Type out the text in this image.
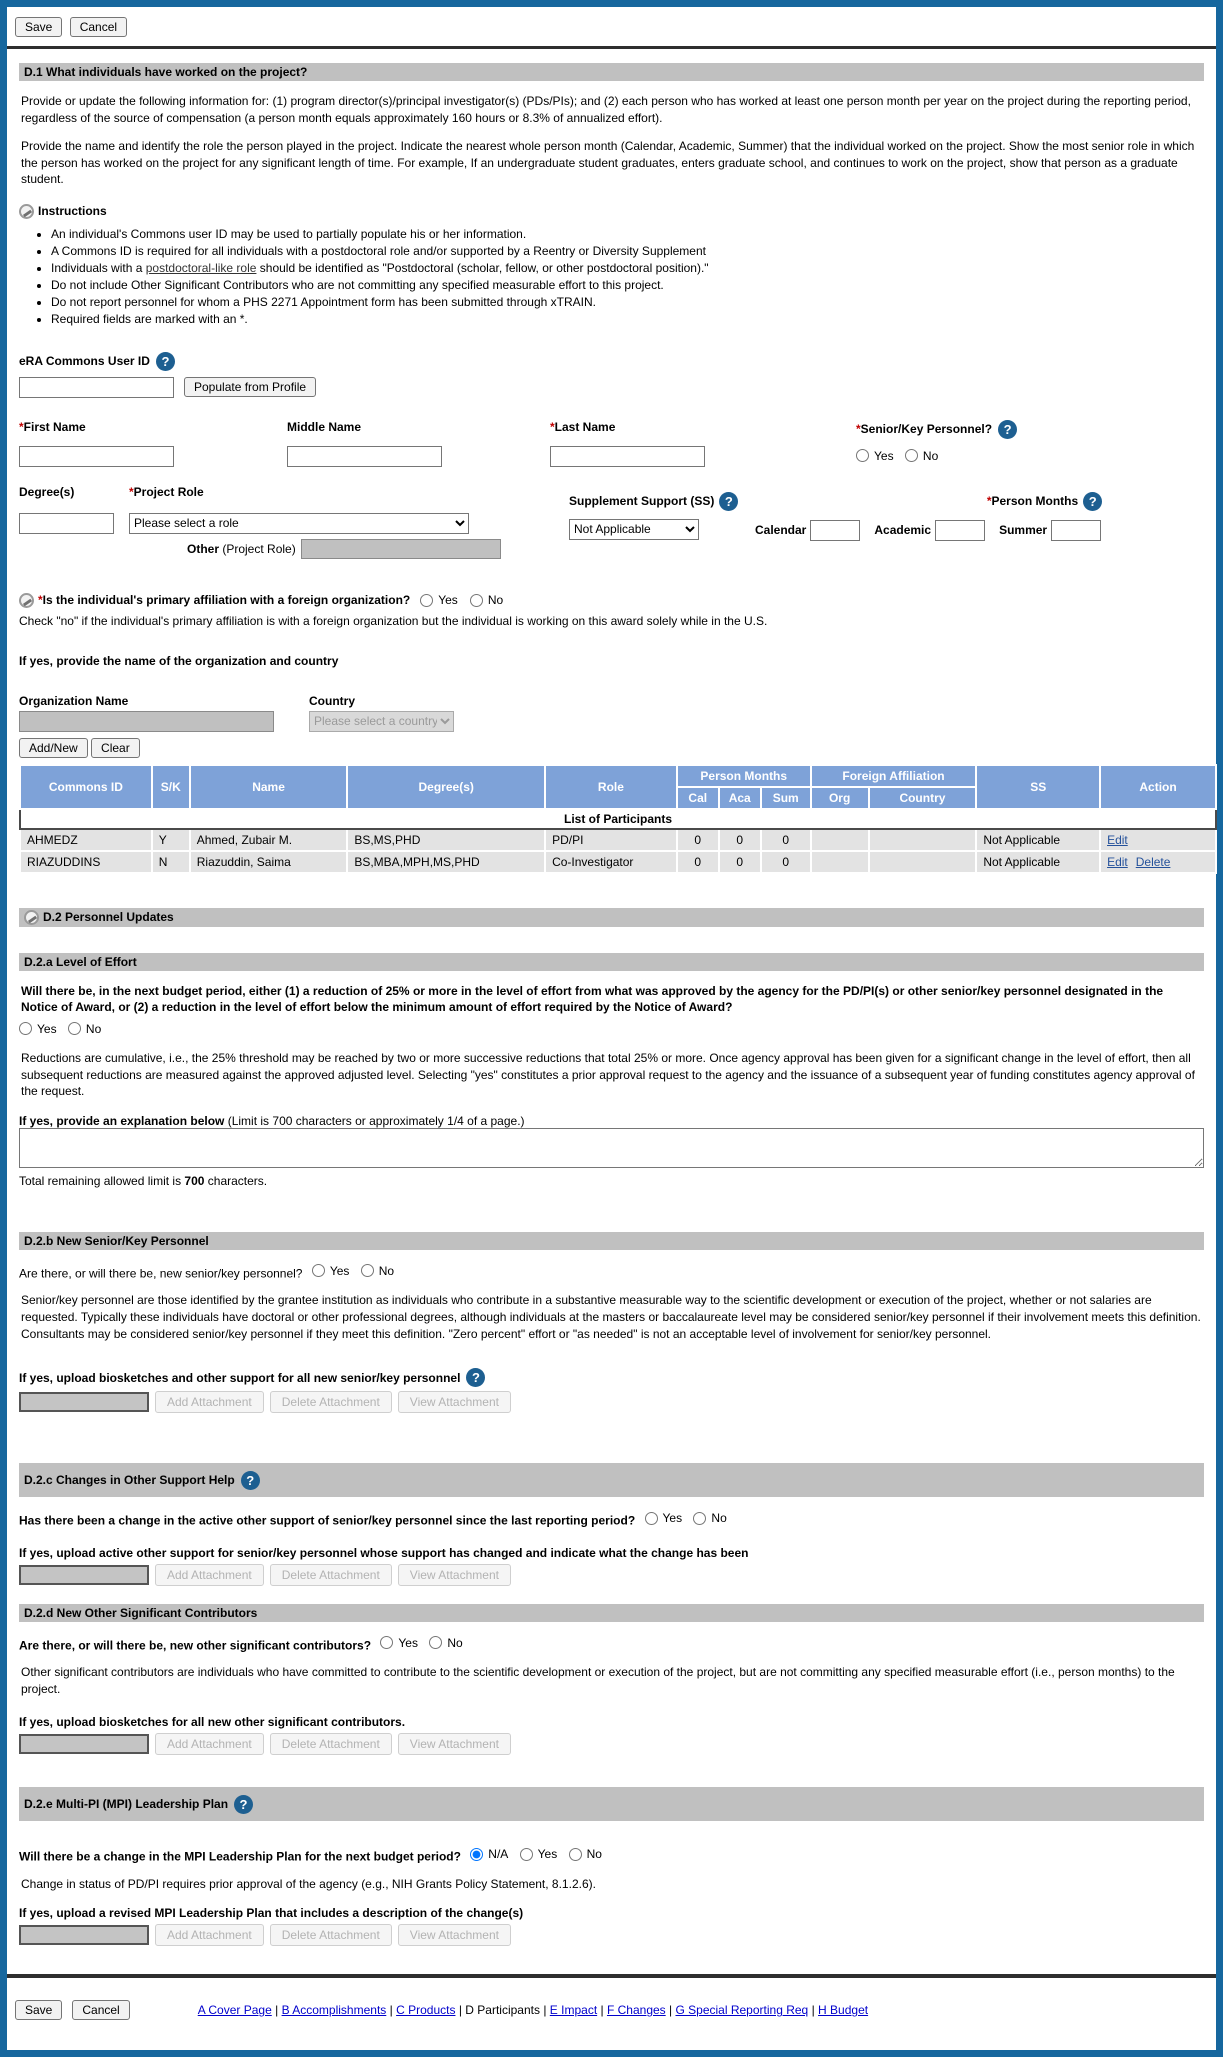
Save Cancel
D.1 What individuals have worked on the project?

Provide or update the following information for: (1) program director(s)/principal investigator(s) (PDs/PIs); and (2) each person who has worked at least one person month per year on the project during the reporting period, regardless of the source of compensation (a person month equals approximately 160 hours or 8.3% of annualized effort).

Provide the name and identify the role the person played in the project. Indicate the nearest whole person month (Calendar, Academic, Summer) that the individual worked on the project. Show the most senior role in which the person has worked on the project for any significant length of time. For example, If an undergraduate student graduates, enters graduate school, and continues to work on the project, show that person as a graduate student.

Instructions
• An individual's Commons user ID may be used to partially populate his or her information.
• A Commons ID is required for all individuals with a postdoctoral role and/or supported by a Reentry or Diversity Supplement
• Individuals with a postdoctoral-like role should be identified as "Postdoctoral (scholar, fellow, or other postdoctoral position)."
• Do not include Other Significant Contributors who are not committing any specified measurable effort to this project.
• Do not report personnel for whom a PHS 2271 Appointment form has been submitted through xTRAIN.
• Required fields are marked with an *.
eRA Commons User ID ?
Populate from Profile
*First Name	Middle Name	*Last Name	*Senior/Key Personnel? ?
Yes
No
Degree(s)	*Project Role

Please select a role
Other (Project Role)
Supplement Support (SS) ?
Not Applicable	*Person Months ?
Calendar	Academic	Summer
*Is the individual's primary affiliation with a foreign organization? Yes	No
Check "no" if the individual's primary affiliation is with a foreign organization but the individual is working on this award solely while in the U.S.
If yes, provide the name of the organization and country
Organization Name	Country

Please select a country
Add/New Clear
List of Participants											
Commons ID	S/K	Name	Degree(s)	Role	Person Months			Foreign Affiliation		SS	Action
					Cal	Aca	Sum	Org	Country		
AHMEDZ	Y	Ahmed, Zubair M.	BS,MS,PHD	PD/PI	0	0	0			Not Applicable	Edit
RIAZUDDINS	N	Riazuddin, Saima	BS,MBA,MPH,MS,PHD	Co-Investigator	0	0	0			Not Applicable	Edit Delete
D.2 Personnel Updates
D.2.a Level of Effort

Will there be, in the next budget period, either (1) a reduction of 25% or more in the level of effort from what was approved by the agency for the PD/PI(s) or other senior/key personnel designated in the Notice of Award, or (2) a reduction in the level of effort below the minimum amount of effort required by the Notice of Award?

Yes
No

Reductions are cumulative, i.e., the 25% threshold may be reached by two or more successive reductions that total 25% or more. Once agency approval has been given for a significant change in the level of effort, then all subsequent reductions are measured against the approved adjusted level. Selecting "yes" constitutes a prior approval request to the agency and the issuance of a subsequent year of funding constitutes agency approval of the request.

If yes, provide an explanation below (Limit is 700 characters or approximately 1/4 of a page.)
Total remaining allowed limit is 700 characters.
D.2.b New Senior/Key Personnel
Are there, or will there be, new senior/key personnel? Yes
No

Senior/key personnel are those identified by the grantee institution as individuals who contribute in a substantive measurable way to the scientific development or execution of the project, whether or not salaries are requested. Typically these individuals have doctoral or other professional degrees, although individuals at the masters or baccalaureate level may be considered senior/key personnel if their involvement meets this definition. Consultants may be considered senior/key personnel if they meet this definition. "Zero percent" effort or "as needed" is not an acceptable level of involvement for senior/key personnel.

If yes, upload biosketches and other support for all new senior/key personnel ?
Add Attachment	Delete Attachment	View Attachment
D.2.c Changes in Other Support Help ?
Has there been a change in the active other support of senior/key personnel since the last reporting period? Yes
No
If yes, upload active other support for senior/key personnel whose support has changed and indicate what the change has been
Add Attachment	Delete Attachment	View Attachment
D.2.d New Other Significant Contributors
Are there, or will there be, new other significant contributors? Yes
No

Other significant contributors are individuals who have committed to contribute to the scientific development or execution of the project, but are not committing any specified measurable effort (i.e., person months) to the project.

If yes, upload biosketches for all new other significant contributors.
Add Attachment	Delete Attachment	View Attachment
D.2.e Multi-PI (MPI) Leadership Plan ?
Will there be a change in the MPI Leadership Plan for the next budget period? N/A
Yes
No

Change in status of PD/PI requires prior approval of the agency (e.g., NIH Grants Policy Statement, 8.1.2.6).

If yes, upload a revised MPI Leadership Plan that includes a description of the change(s)
Add Attachment	Delete Attachment	View Attachment
Save	Cancel	A Cover Page | B Accomplishments | C Products | D Participants | E Impact | F Changes | G Special Reporting Req | H Budget
